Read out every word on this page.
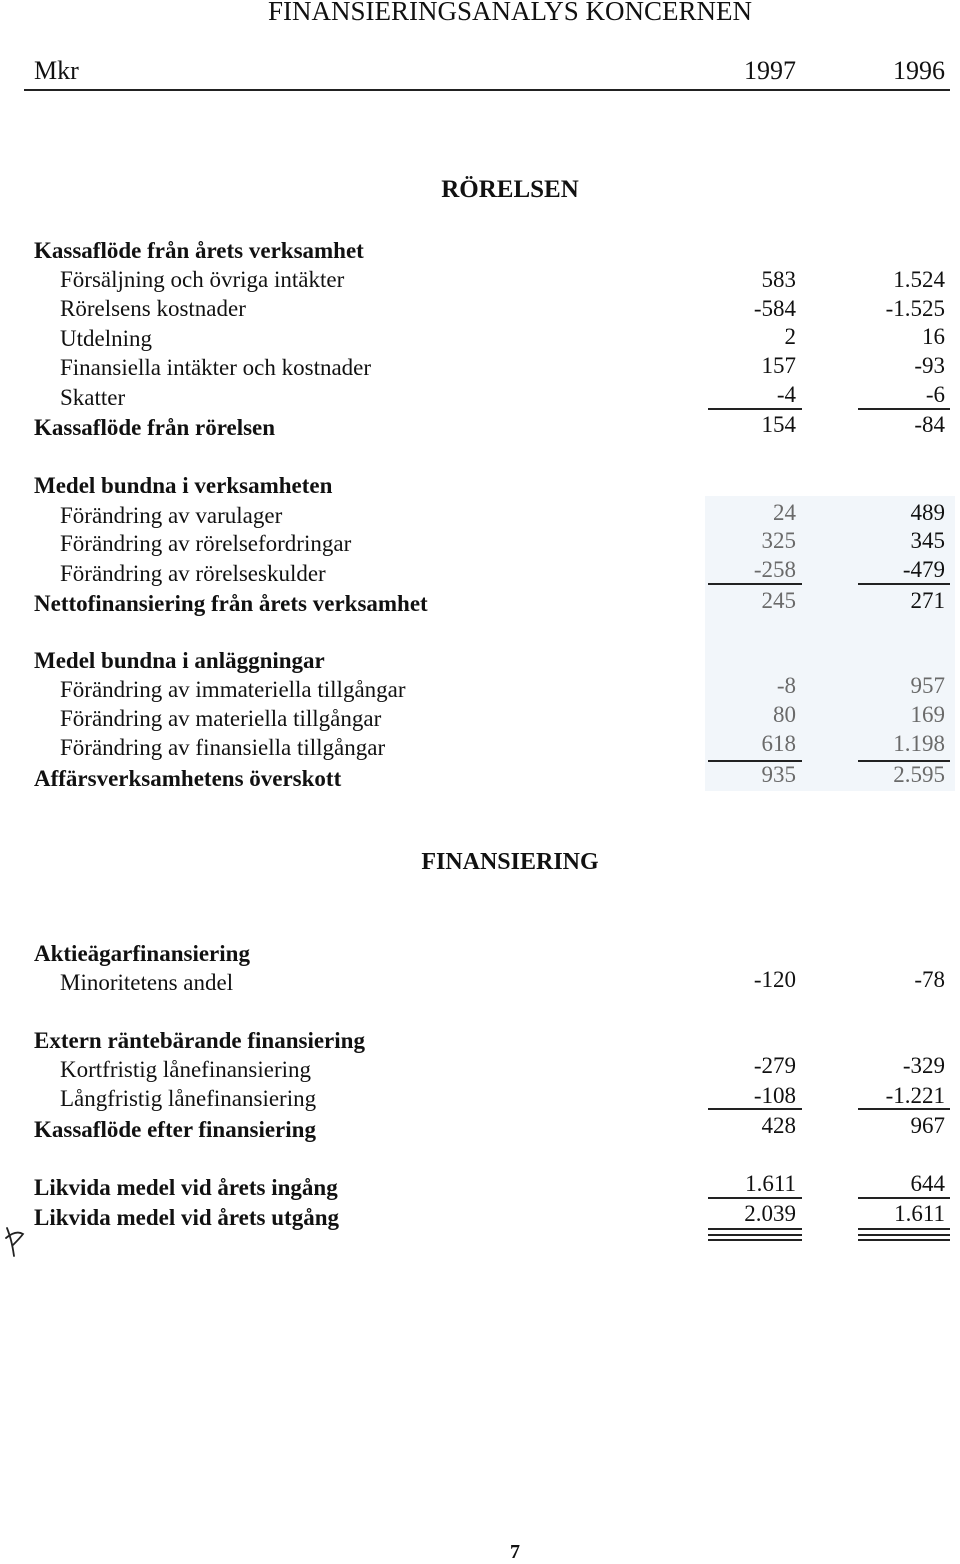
FINANSIERINGSANALYS KONCERNEN
Mkr	1997	1996
RÖRELSEN
Kassaflöde från årets verksamhet
Försäljning och övriga intäkter	583	1.524
Rörelsens kostnader	-584	-1.525
Utdelning	2	16
Finansiella intäkter och kostnader	157	-93
Skatter	-4	-6
Kassaflöde från rörelsen	154	-84
Medel bundna i verksamheten
Förändring av varulager	24	489
Förändring av rörelsefordringar	325	345
Förändring av rörelseskulder	-258	-479
Nettofinansiering från årets verksamhet	245	271
Medel bundna i anläggningar
Förändring av immateriella tillgångar	-8	957
Förändring av materiella tillgångar	80	169
Förändring av finansiella tillgångar	618	1.198
Affärsverksamhetens överskott	935	2.595
FINANSIERING
Aktieägarfinansiering
Minoritetens andel	-120	-78
Extern räntebärande finansiering
Kortfristig lånefinansiering	-279	-329
Långfristig lånefinansiering	-108	-1.221
Kassaflöde efter finansiering	428	967
Likvida medel vid årets ingång	1.611	644
Likvida medel vid årets utgång	2.039	1.611
7
